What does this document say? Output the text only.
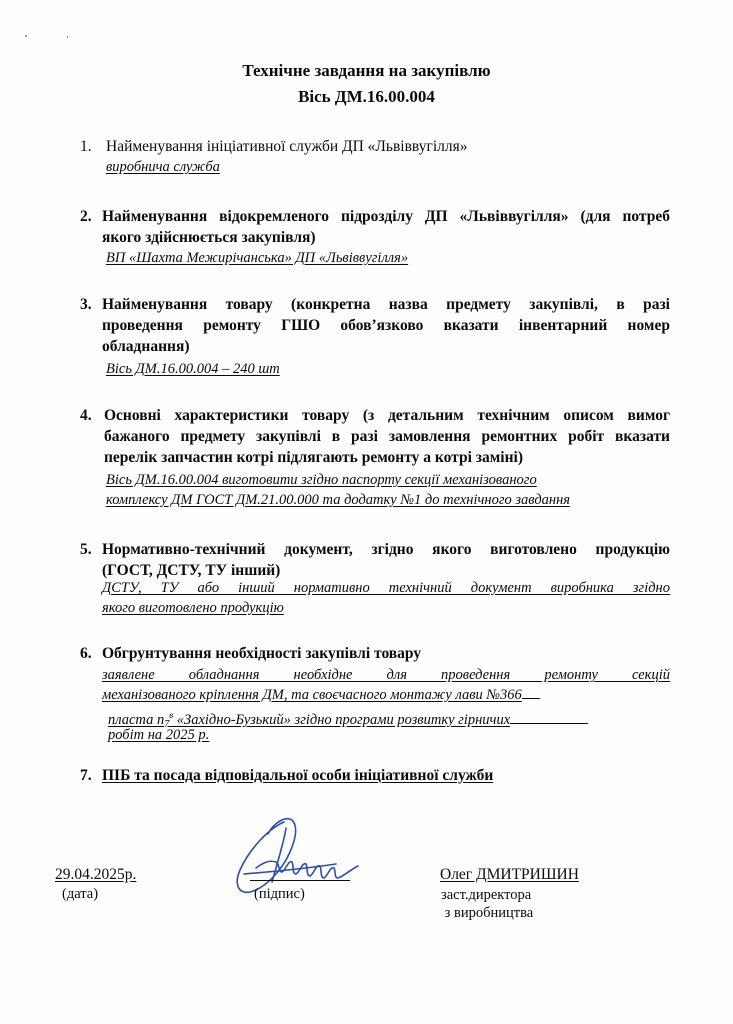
Технічне завдання на закупівлю
Вісь ДМ.16.00.004
1. Найменування ініціативної служби ДП «Львіввугілля»
виробнича служба
2. Найменування відокремленого підрозділу ДП «Львіввугілля» (для потреб
якого здійснюється закупівля)
ВП «Шахта Межирічанська» ДП «Львіввугілля»
3. Найменування товару (конкретна назва предмету закупівлі, в разі
проведення ремонту ГШО обов’язково вказати інвентарний номер
обладнання)
Вісь ДМ.16.00.004 – 240 шт
4. Основні характеристики товару (з детальним технічним описом вимог
бажаного предмету закупівлі в разі замовлення ремонтних робіт вказати
перелік запчастин котрі підлягають ремонту а котрі заміні)
Вісь ДМ.16.00.004 виготовити згідно паспорту секції механізованого
комплексу ДМ ГОСТ ДМ.21.00.000 та додатку №1 до технічного завдання
5. Нормативно-технічний документ, згідно якого виготовлено продукцію
(ГОСТ, ДСТУ, ТУ інший)
ДСТУ, ТУ або інший нормативно технічний документ виробника згідно
якого виготовлено продукцію
6. Обгрунтування необхідності закупівлі товару
заявлене обладнання необхідне для проведення ремонту секцій
механізованого кріплення ДМ, та своєчасного монтажу лави №366
пласта $n_7^в$ «Західно-Бузький» згідно програми розвитку гірничих
робіт на 2025 р.
7. ПІБ та посада відповідальної особи ініціативної служби
29.04.2025р.
(дата)	(підпис)
Олег ДМИТРИШИН
заст.директора
з виробництва
